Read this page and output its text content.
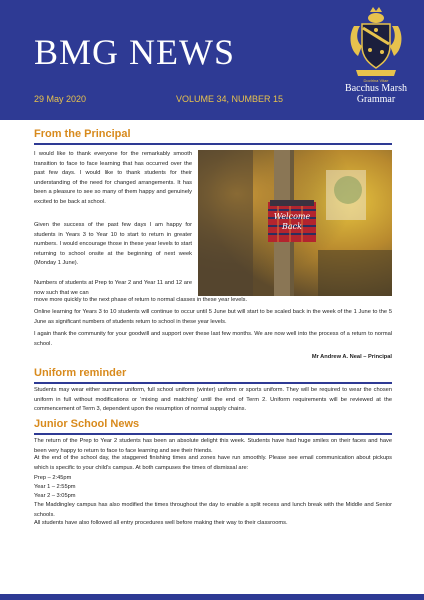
BMG NEWS
29 May 2020	VOLUME 34, NUMBER 15
Doctrina Vitae
Bacchus Marsh
Grammar
From the Principal
I would like to thank everyone for the remarkably smooth transition to face to face learning that has occurred over the past few days. I would like to thank students for their understanding of the need for changed arrangements. It has been a pleasure to see so many of them happy and genuinely excited to be back at school.
Given the success of the past few days I am happy for students in Years 3 to Year 10 to start to return in greater numbers. I would encourage those in these year levels to start returning to school onsite at the beginning of next week (Monday 1 June).
Numbers of students at Prep to Year 2 and Year 11 and 12 are now such that we can
move more quickly to the next phase of return to normal classes in these year levels.
Online learning for Years 3 to 10 students will continue to occur until 5 June but will start to be scaled back in the week of the 1 June to the 5 June as significant numbers of students return to school in these year levels.
I again thank the community for your goodwill and support over these last few months. We are now well into the process of a return to normal school.
Mr Andrew A. Neal – Principal
Welcome
Back
Uniform reminder
Students may wear either summer uniform, full school uniform (winter) uniform or sports uniform. They will be required to wear the chosen uniform in full without modifications or ‘mixing and matching’ until the end of Term 2. Uniform requirements will be reviewed at the commencement of Term 3, dependent upon the resumption of normal supply chains.
Junior School News
The return of the Prep to Year 2 students has been an absolute delight this week. Students have had huge smiles on their faces and have been very happy to return to face to face learning and see their friends.
At the end of the school day, the staggered finishing times and zones have run smoothly. Please see email communication about pickups which is specific to your child’s campus. At both campuses the times of dismissal are:
Prep – 2:45pm
Year 1 – 2:55pm
Year 2 – 3:05pm
The Maddingley campus has also modified the times throughout the day to enable a split recess and lunch break with the Middle and Senior schools.
All students have also followed all entry procedures well before making their way to their classrooms.
